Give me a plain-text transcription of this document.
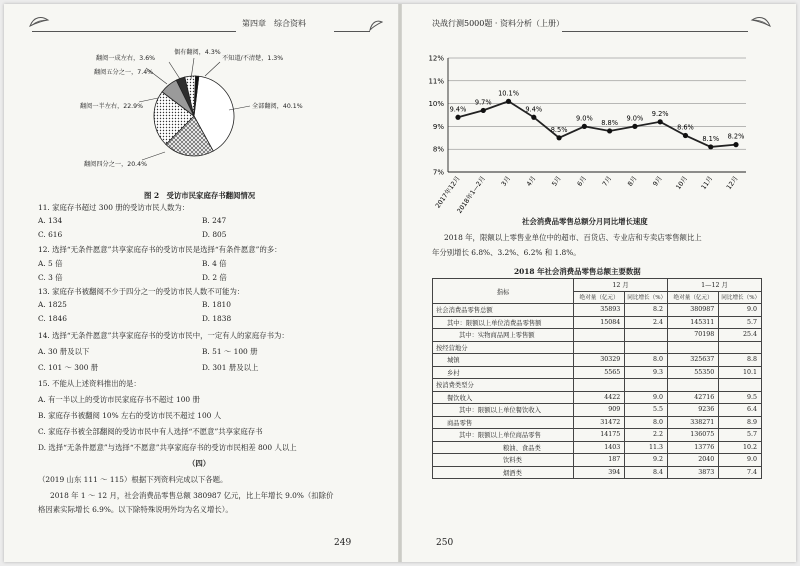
第四章　综合资料
不知道/不清楚，1.3%
偶有翻阅，4.3%
翻阅一成左右，3.6%
翻阅五分之一，7.4%
翻阅一半左右，22.9%	全部翻阅，40.1%
翻阅四分之一，20.4%
图 2　受访市民家庭存书翻阅情况
11. 家庭存书超过 300 册的受访市民人数为：
A. 134	B. 247
C. 616	D. 805
12. 选择“无条件愿意”共享家庭存书的受访市民是选择“有条件愿意”的多：
A. 5 倍	B. 4 倍
C. 3 倍	D. 2 倍
13. 家庭存书被翻阅不少于四分之一的受访市民人数不可能为：
A. 1825	B. 1810
C. 1846	D. 1838
14. 选择“无条件愿意”共享家庭存书的受访市民中，一定有人的家庭存书为：
A. 30 册及以下	B. 51 ～ 100 册
C. 101 ～ 300 册	D. 301 册及以上
15. 不能从上述资料推出的是：
A. 有一半以上的受访市民家庭存书不超过 100 册
B. 家庭存书被翻阅 10% 左右的受访市民不超过 100 人
C. 家庭存书被全部翻阅的受访市民中有人选择“不愿意”共享家庭存书
D. 选择“无条件愿意”与选择“不愿意”共享家庭存书的受访市民相差 800 人以上
（四）
（2019 山东 111 ～ 115）根据下列资料完成以下各题。
2018 年 1 ～ 12 月，社会消费品零售总额 380987 亿元，比上年增长 9.0%（扣除价
格因素实际增长 6.9%。以下除特殊说明外均为名义增长）。
249
决战行测5000题 · 资料分析（上册）
7%
8%
9%
10%
11%
12%
9.4%
9.7%
10.1%
9.4%
8.5%
9.0%
8.8%
9.0%
9.2%
8.6%
8.1% 8.2%
2017年12月
2018年1—2月 3月 4月 5月 6月 7月 8月 9月 10月 11月 12月
社会消费品零售总额分月同比增长速度
2018 年，限额以上零售业单位中的超市、百货店、专业店和专卖店零售额比上
年分别增长 6.8%、3.2%、6.2% 和 1.8%。
2018 年社会消费品零售总额主要数据
指标	12 月		1—12 月	
	绝对量（亿元）	同比增长（%）	绝对量（亿元）	同比增长（%）
社会消费品零售总额	35893	8.2	380987	9.0
其中：限额以上单位消费品零售额	15084	2.4	145311	5.7
其中：实物商品网上零售额			70198	25.4
按经营地分				
城镇	30329	8.0	325637	8.8
乡村	5565	9.3	55350	10.1
按消费类型分				
餐饮收入	4422	9.0	42716	9.5
其中：限额以上单位餐饮收入	909	5.5	9236	6.4
商品零售	31472	8.0	338271	8.9
其中：限额以上单位商品零售	14175	2.2	136075	5.7
粮油、食品类	1403	11.3	13776	10.2
饮料类	187	9.2	2040	9.0
烟酒类	394	8.4	3873	7.4
250
